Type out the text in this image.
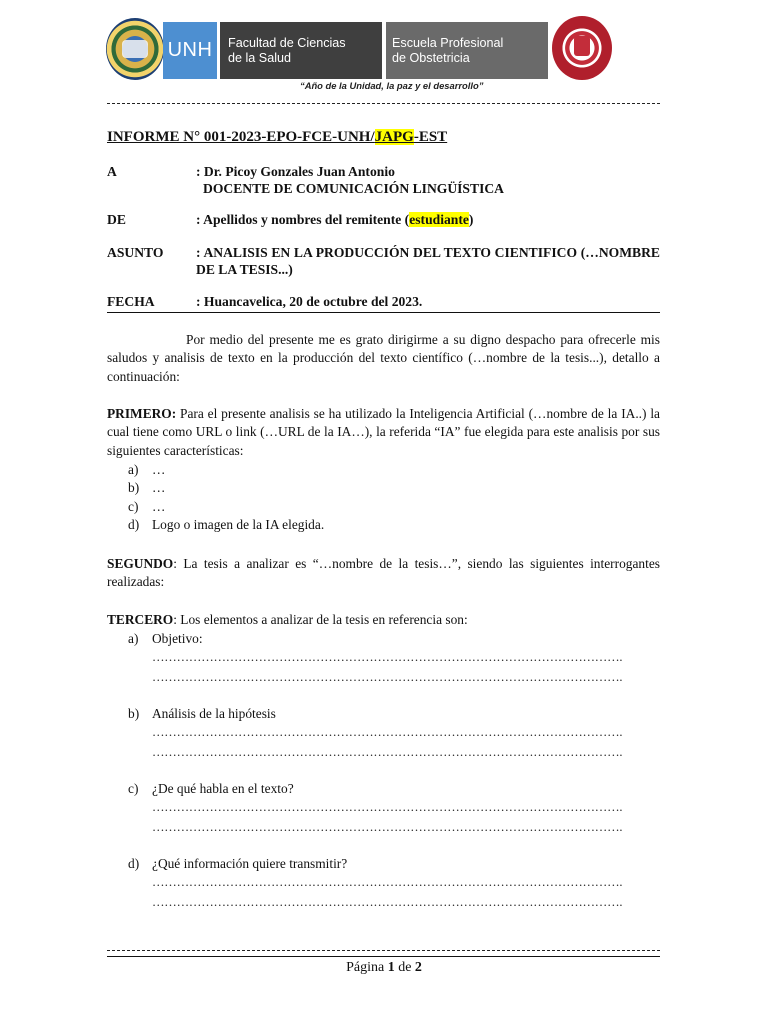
UNH Facultad de Ciencias
de la Salud
Escuela Profesional
de Obstetricia
“Año de la Unidad, la paz y el desarrollo”
INFORME N° 001-2023-EPO-FCE-UNH/JAPG-EST
A	: Dr. Picoy Gonzales Juan Antonio
DOCENTE DE COMUNICACIÓN LINGÜÍSTICA
DE	: Apellidos y nombres del remitente (estudiante)
ASUNTO : ANALISIS EN LA PRODUCCIÓN DEL TEXTO CIENTIFICO (…NOMBRE DE LA TESIS...)
FECHA	: Huancavelica, 20 de octubre del 2023.
Por medio del presente me es grato dirigirme a su digno despacho para ofrecerle mis saludos y analisis de texto en la producción del texto científico (…nombre de la tesis...), detallo a continuación:
PRIMERO: Para el presente analisis se ha utilizado la Inteligencia Artificial (…nombre de la IA..) la cual tiene como URL o link (…URL de la IA…), la referida “IA” fue elegida para este analisis por sus siguientes características:
a)	…
b) …
c)	…
d) Logo o imagen de la IA elegida.
SEGUNDO: La tesis a analizar es “…nombre de la tesis…”, siendo las siguientes interrogantes realizadas:
TERCERO: Los elementos a analizar de la tesis en referencia son:
a)	Objetivo:
…………………………………………………………………………………………………….
…………………………………………………………………………………………………….
b) Análisis de la hipótesis
…………………………………………………………………………………………………….
…………………………………………………………………………………………………….
c)	¿De qué habla en el texto?
…………………………………………………………………………………………………….
…………………………………………………………………………………………………….
d) ¿Qué información quiere transmitir?
…………………………………………………………………………………………………….
…………………………………………………………………………………………………….
Página 1 de 2
